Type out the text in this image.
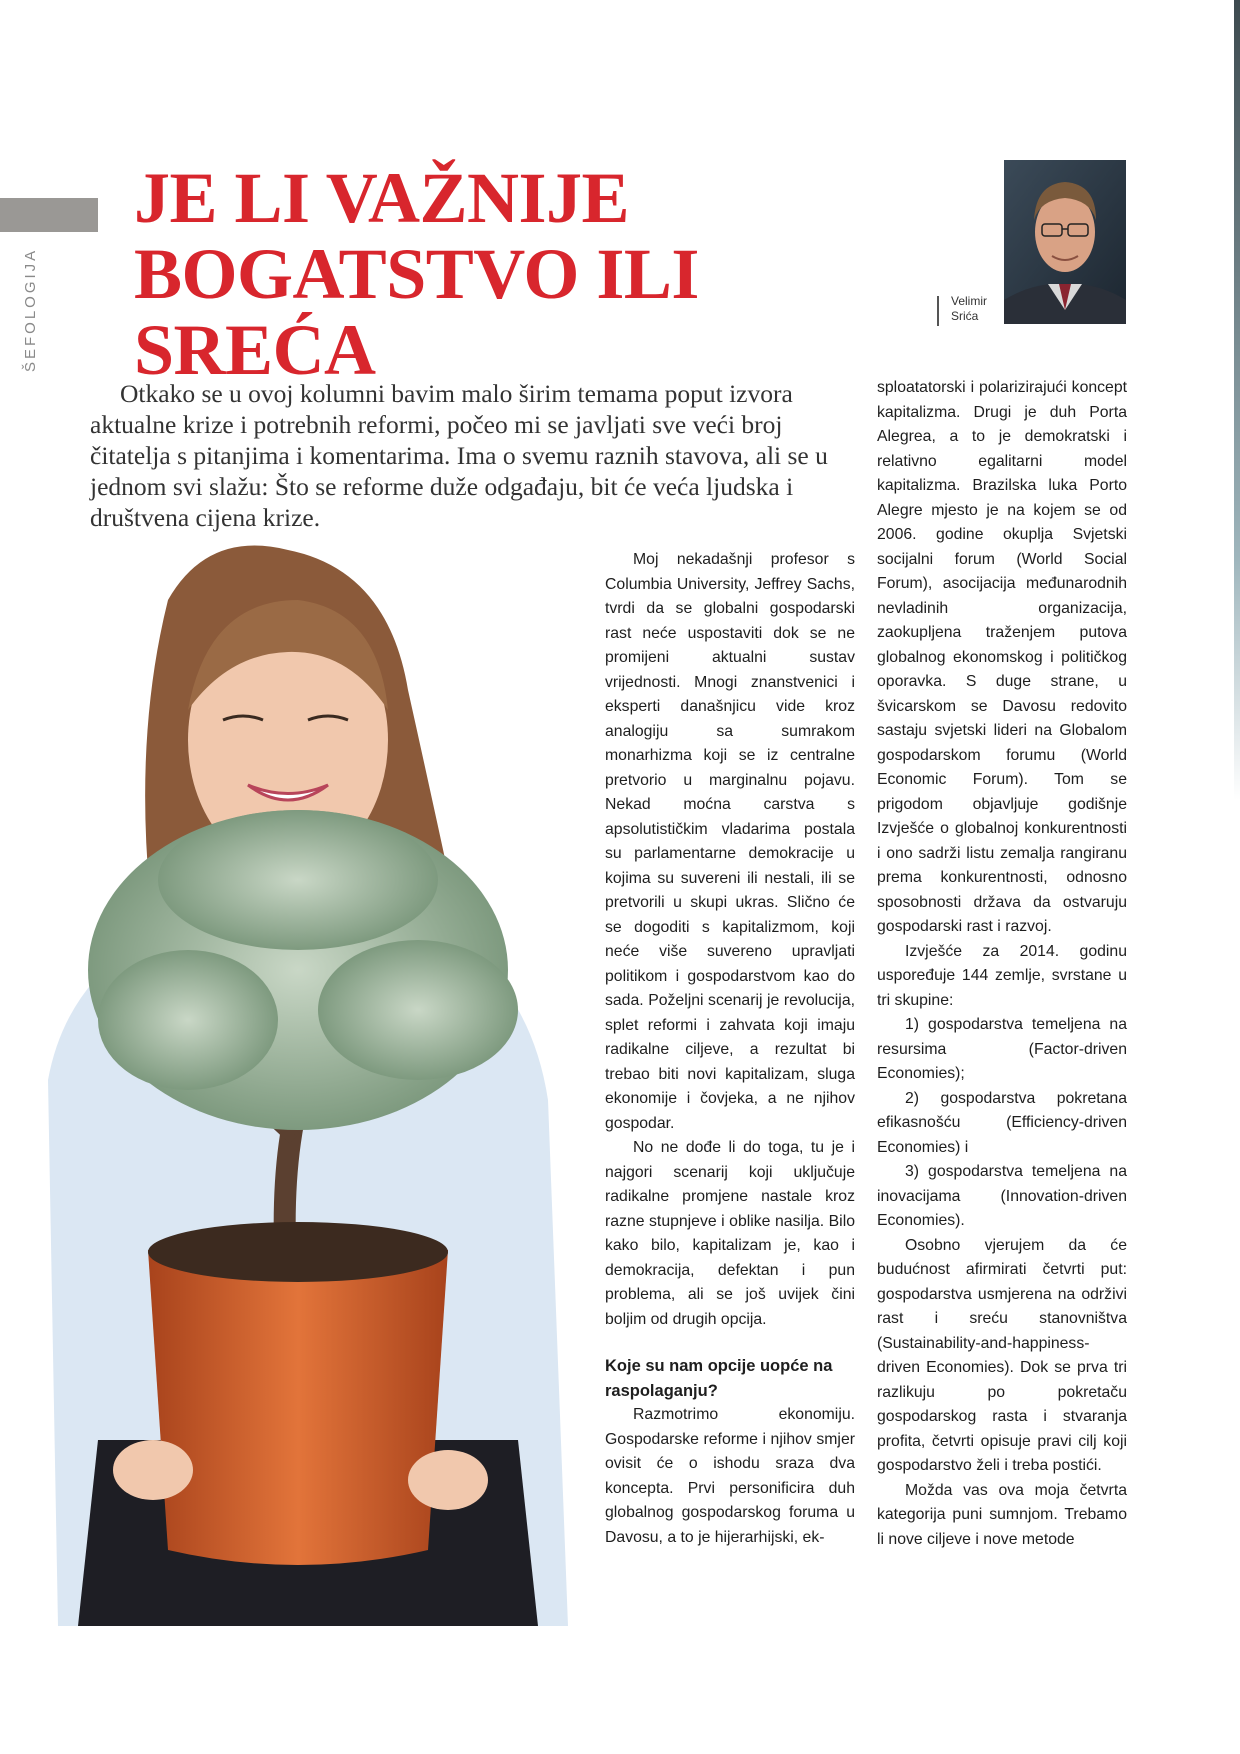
ŠEFOLOGIJA
JE LI VAŽNIJE BOGATSTVO ILI SREĆA
Velimir
Srića

Otkako se u ovoj kolumni bavim malo širim temama poput izvora aktualne krize i potrebnih reformi, počeo mi se javljati sve veći broj čitatelja s pitanjima i komentarima. Ima o svemu raznih stavova, ali se u jednom svi slažu: Što se reforme duže odgađaju, bit će veća ljudska i društvena cijena krize.

Moj nekadašnji profesor s Columbia University, Jeffrey Sachs, tvrdi da se globalni gospodarski rast neće uspostaviti dok se ne promijeni aktualni sustav vrijednosti. Mnogi znanstvenici i eksperti današnjicu vide kroz analogiju sa sumrakom monarhizma koji se iz centralne pretvorio u marginalnu pojavu. Nekad moćna carstva s apsolutističkim vladarima postala su parlamentarne demokracije u kojima su suvereni ili nestali, ili se pretvorili u skupi ukras. Slično će se dogoditi s kapitalizmom, koji neće više suvereno upravljati politikom i gospodarstvom kao do sada. Poželjni scenarij je revolucija, splet reformi i zahvata koji imaju radikalne ciljeve, a rezultat bi trebao biti novi kapitalizam, sluga ekonomije i čovjeka, a ne njihov gospodar.

No ne dođe li do toga, tu je i najgori scenarij koji uključuje radikalne promjene nastale kroz razne stupnjeve i oblike nasilja. Bilo kako bilo, kapitalizam je, kao i demokracija, defektan i pun problema, ali se još uvijek čini boljim od drugih opcija.

Koje su nam opcije uopće na raspolaganju?

Razmotrimo ekonomiju. Gospodarske reforme i njihov smjer ovisit će o ishodu sraza dva koncepta. Prvi personificira duh globalnog gospodarskog foruma u Davosu, a to je hijerarhijski, ek-

sploatatorski i polarizirajući koncept kapitalizma. Drugi je duh Porta Alegrea, a to je demokratski i relativno egalitarni model kapitalizma. Brazilska luka Porto Alegre mjesto je na kojem se od 2006. godine okuplja Svjetski socijalni forum (World Social Forum), asocijacija međunarodnih nevladinih organizacija, zaokupljena traženjem putova globalnog ekonomskog i političkog oporavka. S duge strane, u švicarskom se Davosu redovito sastaju svjetski lideri na Globalom gospodarskom forumu (World Economic Forum). Tom se prigodom objavljuje godišnje Izvješće o globalnoj konkurentnosti i ono sadrži listu zemalja rangiranu prema konkurentnosti, odnosno sposobnosti država da ostvaruju gospodarski rast i razvoj.

Izvješće za 2014. godinu uspoređuje 144 zemlje, svrstane u tri skupine:

1) gospodarstva temeljena na resursima (Factor-driven Economies);

2) gospodarstva pokretana efikasnošću (Efficiency-driven Economies) i

3) gospodarstva temeljena na inovacijama (Innovation-driven Economies).

Osobno vjerujem da će budućnost afirmirati četvrti put: gospodarstva usmjerena na održivi rast i sreću stanovništva (Sustainability-and-happiness-driven Economies). Dok se prva tri razlikuju po pokretaču gospodarskog rasta i stvaranja profita, četvrti opisuje pravi cilj koji gospodarstvo želi i treba postići.

Možda vas ova moja četvrta kategorija puni sumnjom. Trebamo li nove ciljeve i nove metode
